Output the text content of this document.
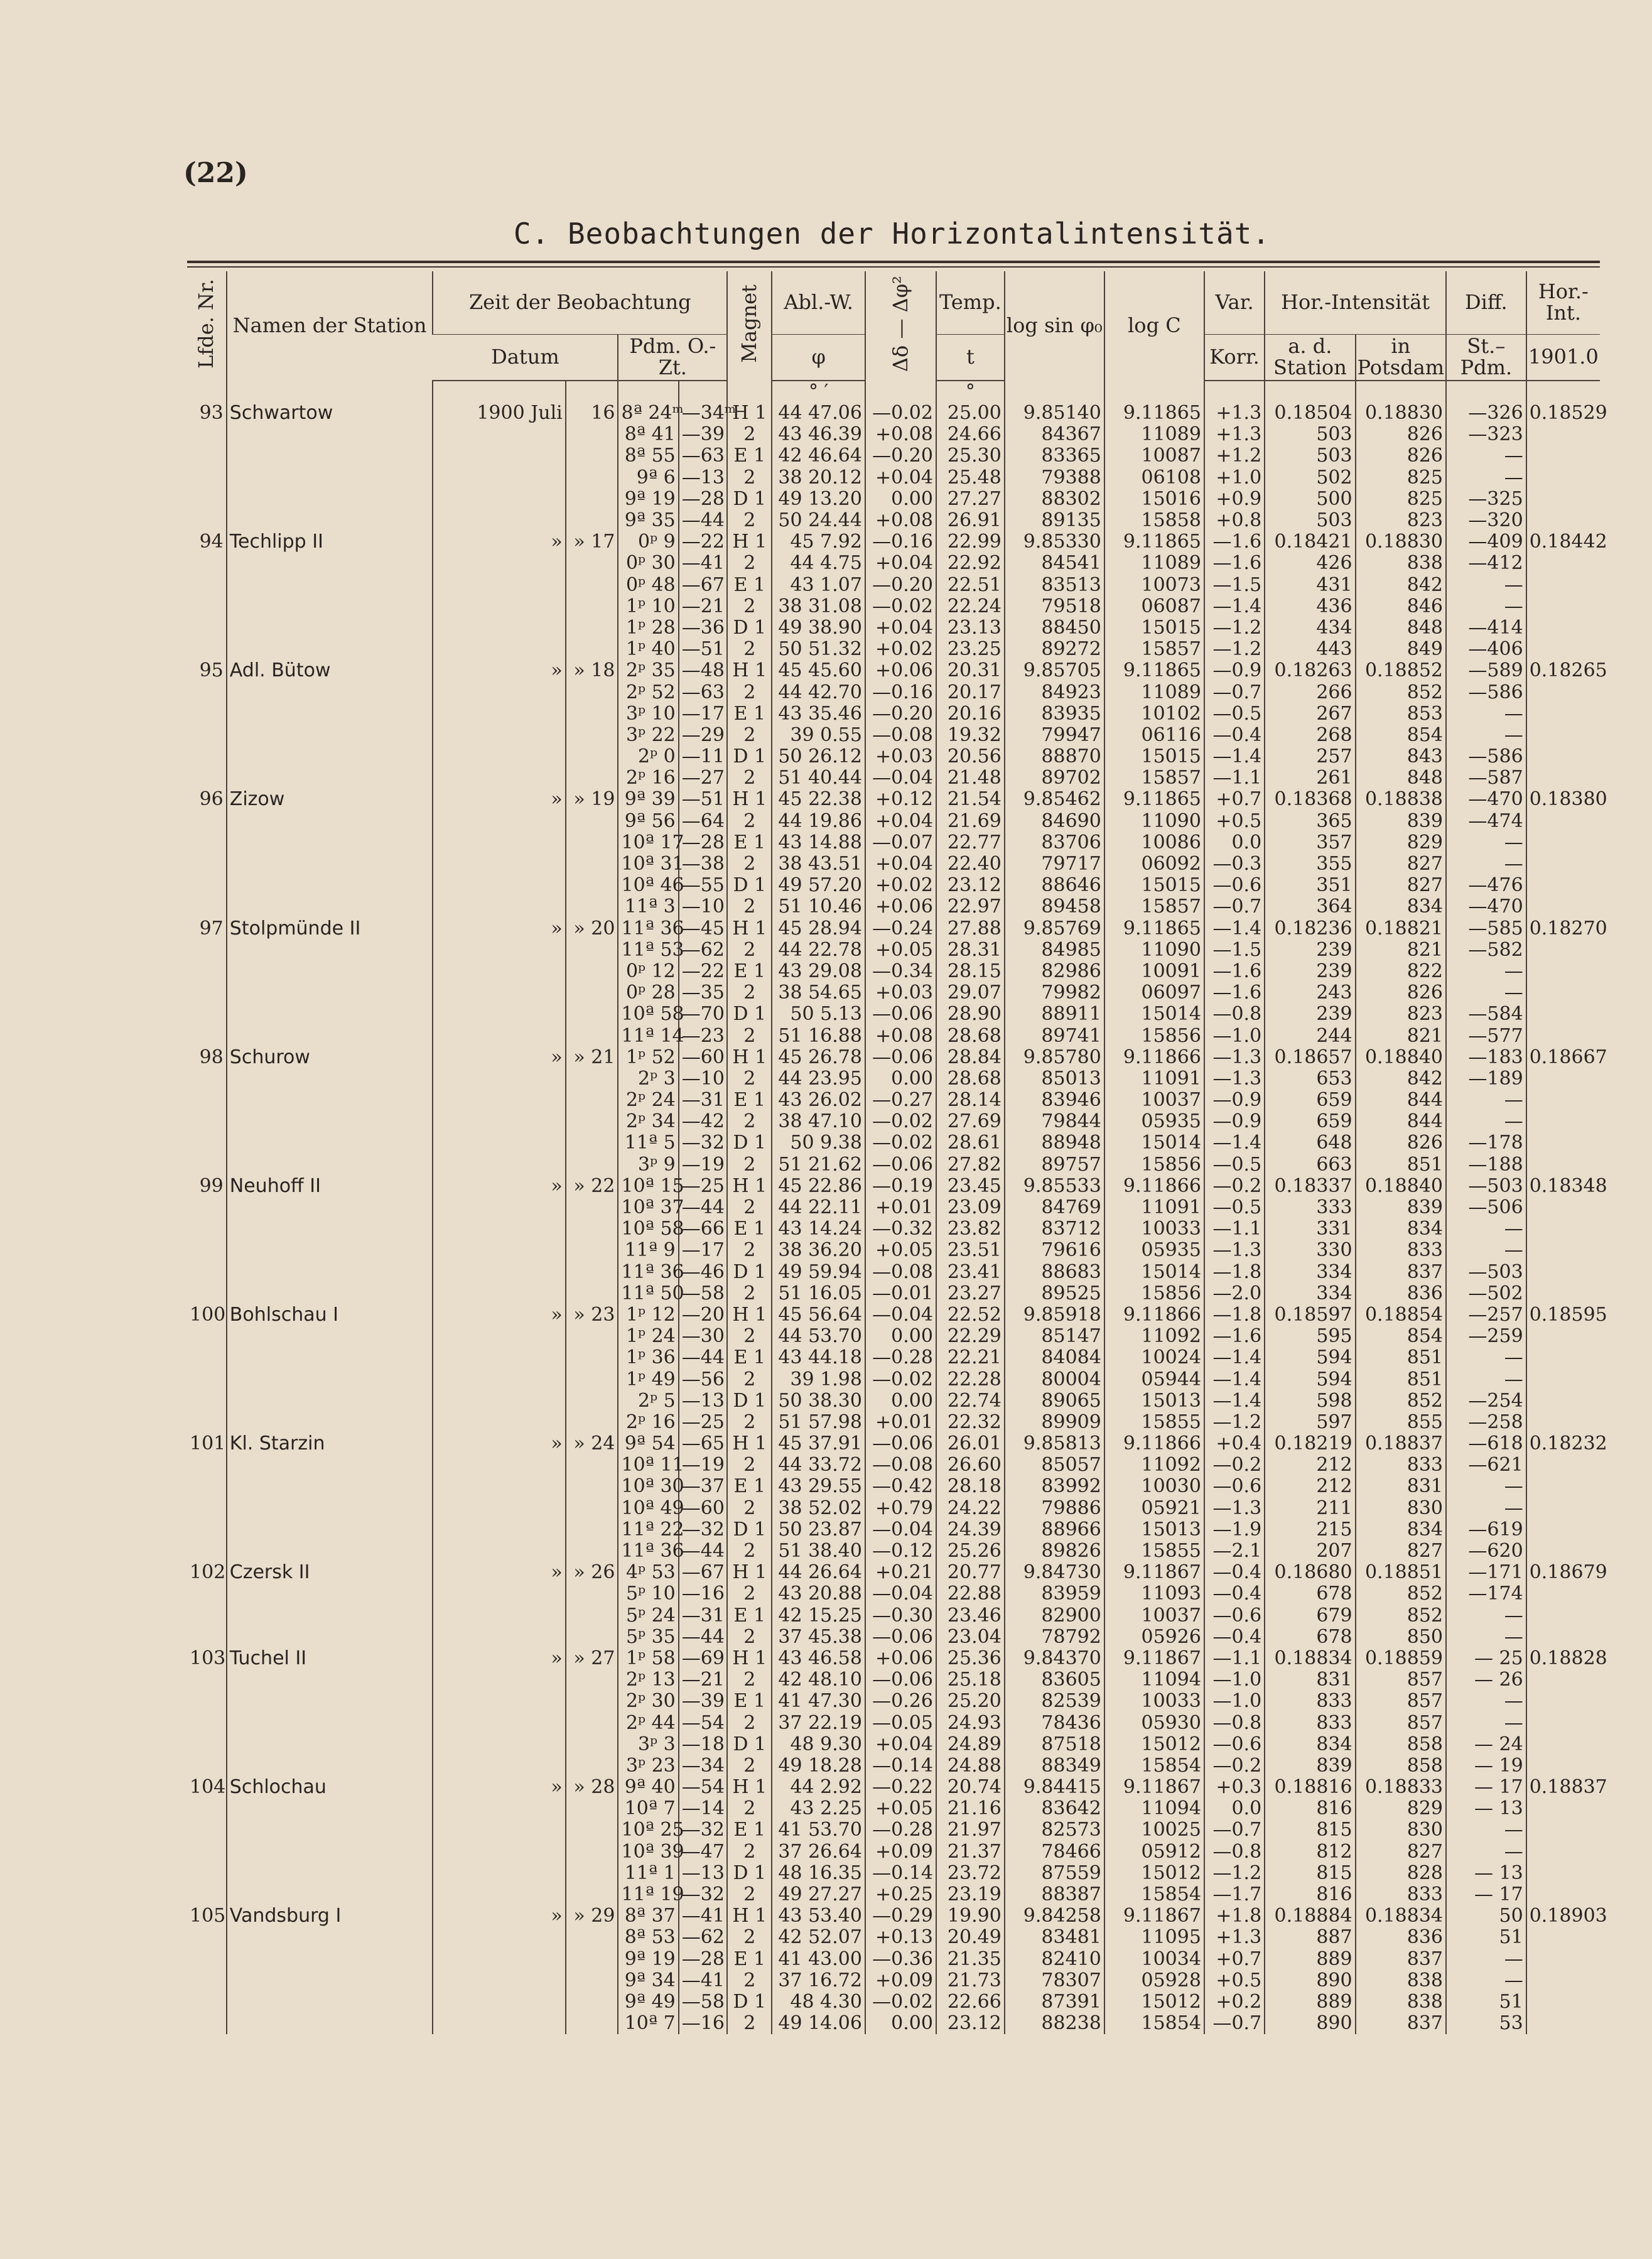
(22)
C. Beobachtungen der Horizontalintensität.
Lfde. Nr.	Namen der Station	Zeit der Beobachtung				Magnet	Abl.-W.	Δδ — Δφ²	Temp.	log sin φ₀	log C	Var.	Hor.-Intensität		Diff.	Hor.-Int.
		Datum		Pdm. O.-Zt.			φ		t			Korr.	a. d. Station	in Potsdam	St.–Pdm.	1901.0
							° ′		°							
93	Schwartow	1900 Juli	16	8ª 24ᵐ	—34ᵐ	H 1	44 47.06	—0.02	25.00	9.85140	9.11865	+1.3	0.18504	0.18830	—326	0.18529
				8ª 41	—39	2	43 46.39	+0.08	24.66	84367	11089	+1.3	503	826	—323	
				8ª 55	—63	E 1	42 46.64	—0.20	25.30	83365	10087	+1.2	503	826	—	
				9ª 6	—13	2	38 20.12	+0.04	25.48	79388	06108	+1.0	502	825	—	
				9ª 19	—28	D 1	49 13.20	0.00	27.27	88302	15016	+0.9	500	825	—325	
				9ª 35	—44	2	50 24.44	+0.08	26.91	89135	15858	+0.8	503	823	—320	
94	Techlipp II	»	» 17	0ᵖ 9	—22	H 1	45 7.92	—0.16	22.99	9.85330	9.11865	—1.6	0.18421	0.18830	—409	0.18442
				0ᵖ 30	—41	2	44 4.75	+0.04	22.92	84541	11089	—1.6	426	838	—412	
				0ᵖ 48	—67	E 1	43 1.07	—0.20	22.51	83513	10073	—1.5	431	842	—	
				1ᵖ 10	—21	2	38 31.08	—0.02	22.24	79518	06087	—1.4	436	846	—	
				1ᵖ 28	—36	D 1	49 38.90	+0.04	23.13	88450	15015	—1.2	434	848	—414	
				1ᵖ 40	—51	2	50 51.32	+0.02	23.25	89272	15857	—1.2	443	849	—406	
95	Adl. Bütow	»	» 18	2ᵖ 35	—48	H 1	45 45.60	+0.06	20.31	9.85705	9.11865	—0.9	0.18263	0.18852	—589	0.18265
				2ᵖ 52	—63	2	44 42.70	—0.16	20.17	84923	11089	—0.7	266	852	—586	
				3ᵖ 10	—17	E 1	43 35.46	—0.20	20.16	83935	10102	—0.5	267	853	—	
				3ᵖ 22	—29	2	39 0.55	—0.08	19.32	79947	06116	—0.4	268	854	—	
				2ᵖ 0	—11	D 1	50 26.12	+0.03	20.56	88870	15015	—1.4	257	843	—586	
				2ᵖ 16	—27	2	51 40.44	—0.04	21.48	89702	15857	—1.1	261	848	—587	
96	Zizow	»	» 19	9ª 39	—51	H 1	45 22.38	+0.12	21.54	9.85462	9.11865	+0.7	0.18368	0.18838	—470	0.18380
				9ª 56	—64	2	44 19.86	+0.04	21.69	84690	11090	+0.5	365	839	—474	
				10ª 17	—28	E 1	43 14.88	—0.07	22.77	83706	10086	0.0	357	829	—	
				10ª 31	—38	2	38 43.51	+0.04	22.40	79717	06092	—0.3	355	827	—	
				10ª 46	—55	D 1	49 57.20	+0.02	23.12	88646	15015	—0.6	351	827	—476	
				11ª 3	—10	2	51 10.46	+0.06	22.97	89458	15857	—0.7	364	834	—470	
97	Stolpmünde II	»	» 20	11ª 36	—45	H 1	45 28.94	—0.24	27.88	9.85769	9.11865	—1.4	0.18236	0.18821	—585	0.18270
				11ª 53	—62	2	44 22.78	+0.05	28.31	84985	11090	—1.5	239	821	—582	
				0ᵖ 12	—22	E 1	43 29.08	—0.34	28.15	82986	10091	—1.6	239	822	—	
				0ᵖ 28	—35	2	38 54.65	+0.03	29.07	79982	06097	—1.6	243	826	—	
				10ª 58	—70	D 1	50 5.13	—0.06	28.90	88911	15014	—0.8	239	823	—584	
				11ª 14	—23	2	51 16.88	+0.08	28.68	89741	15856	—1.0	244	821	—577	
98	Schurow	»	» 21	1ᵖ 52	—60	H 1	45 26.78	—0.06	28.84	9.85780	9.11866	—1.3	0.18657	0.18840	—183	0.18667
				2ᵖ 3	—10	2	44 23.95	0.00	28.68	85013	11091	—1.3	653	842	—189	
				2ᵖ 24	—31	E 1	43 26.02	—0.27	28.14	83946	10037	—0.9	659	844	—	
				2ᵖ 34	—42	2	38 47.10	—0.02	27.69	79844	05935	—0.9	659	844	—	
				11ª 5	—32	D 1	50 9.38	—0.02	28.61	88948	15014	—1.4	648	826	—178	
				3ᵖ 9	—19	2	51 21.62	—0.06	27.82	89757	15856	—0.5	663	851	—188	
99	Neuhoff II	»	» 22	10ª 15	—25	H 1	45 22.86	—0.19	23.45	9.85533	9.11866	—0.2	0.18337	0.18840	—503	0.18348
				10ª 37	—44	2	44 22.11	+0.01	23.09	84769	11091	—0.5	333	839	—506	
				10ª 58	—66	E 1	43 14.24	—0.32	23.82	83712	10033	—1.1	331	834	—	
				11ª 9	—17	2	38 36.20	+0.05	23.51	79616	05935	—1.3	330	833	—	
				11ª 36	—46	D 1	49 59.94	—0.08	23.41	88683	15014	—1.8	334	837	—503	
				11ª 50	—58	2	51 16.05	—0.01	23.27	89525	15856	—2.0	334	836	—502	
100	Bohlschau I	»	» 23	1ᵖ 12	—20	H 1	45 56.64	—0.04	22.52	9.85918	9.11866	—1.8	0.18597	0.18854	—257	0.18595
				1ᵖ 24	—30	2	44 53.70	0.00	22.29	85147	11092	—1.6	595	854	—259	
				1ᵖ 36	—44	E 1	43 44.18	—0.28	22.21	84084	10024	—1.4	594	851	—	
				1ᵖ 49	—56	2	39 1.98	—0.02	22.28	80004	05944	—1.4	594	851	—	
				2ᵖ 5	—13	D 1	50 38.30	0.00	22.74	89065	15013	—1.4	598	852	—254	
				2ᵖ 16	—25	2	51 57.98	+0.01	22.32	89909	15855	—1.2	597	855	—258	
101	Kl. Starzin	»	» 24	9ª 54	—65	H 1	45 37.91	—0.06	26.01	9.85813	9.11866	+0.4	0.18219	0.18837	—618	0.18232
				10ª 11	—19	2	44 33.72	—0.08	26.60	85057	11092	—0.2	212	833	—621	
				10ª 30	—37	E 1	43 29.55	—0.42	28.18	83992	10030	—0.6	212	831	—	
				10ª 49	—60	2	38 52.02	+0.79	24.22	79886	05921	—1.3	211	830	—	
				11ª 22	—32	D 1	50 23.87	—0.04	24.39	88966	15013	—1.9	215	834	—619	
				11ª 36	—44	2	51 38.40	—0.12	25.26	89826	15855	—2.1	207	827	—620	
102	Czersk II	»	» 26	4ᵖ 53	—67	H 1	44 26.64	+0.21	20.77	9.84730	9.11867	—0.4	0.18680	0.18851	—171	0.18679
				5ᵖ 10	—16	2	43 20.88	—0.04	22.88	83959	11093	—0.4	678	852	—174	
				5ᵖ 24	—31	E 1	42 15.25	—0.30	23.46	82900	10037	—0.6	679	852	—	
				5ᵖ 35	—44	2	37 45.38	—0.06	23.04	78792	05926	—0.4	678	850	—	
103	Tuchel II	»	» 27	1ᵖ 58	—69	H 1	43 46.58	+0.06	25.36	9.84370	9.11867	—1.1	0.18834	0.18859	— 25	0.18828
				2ᵖ 13	—21	2	42 48.10	—0.06	25.18	83605	11094	—1.0	831	857	— 26	
				2ᵖ 30	—39	E 1	41 47.30	—0.26	25.20	82539	10033	—1.0	833	857	—	
				2ᵖ 44	—54	2	37 22.19	—0.05	24.93	78436	05930	—0.8	833	857	—	
				3ᵖ 3	—18	D 1	48 9.30	+0.04	24.89	87518	15012	—0.6	834	858	— 24	
				3ᵖ 23	—34	2	49 18.28	—0.14	24.88	88349	15854	—0.2	839	858	— 19	
104	Schlochau	»	» 28	9ª 40	—54	H 1	44 2.92	—0.22	20.74	9.84415	9.11867	+0.3	0.18816	0.18833	— 17	0.18837
				10ª 7	—14	2	43 2.25	+0.05	21.16	83642	11094	0.0	816	829	— 13	
				10ª 25	—32	E 1	41 53.70	—0.28	21.97	82573	10025	—0.7	815	830	—	
				10ª 39	—47	2	37 26.64	+0.09	21.37	78466	05912	—0.8	812	827	—	
				11ª 1	—13	D 1	48 16.35	—0.14	23.72	87559	15012	—1.2	815	828	— 13	
				11ª 19	—32	2	49 27.27	+0.25	23.19	88387	15854	—1.7	816	833	— 17	
105	Vandsburg I	»	» 29	8ª 37	—41	H 1	43 53.40	—0.29	19.90	9.84258	9.11867	+1.8	0.18884	0.18834	50	0.18903
				8ª 53	—62	2	42 52.07	+0.13	20.49	83481	11095	+1.3	887	836	51	
				9ª 19	—28	E 1	41 43.00	—0.36	21.35	82410	10034	+0.7	889	837	—	
				9ª 34	—41	2	37 16.72	+0.09	21.73	78307	05928	+0.5	890	838	—	
				9ª 49	—58	D 1	48 4.30	—0.02	22.66	87391	15012	+0.2	889	838	51	
				10ª 7	—16	2	49 14.06	0.00	23.12	88238	15854	—0.7	890	837	53	
